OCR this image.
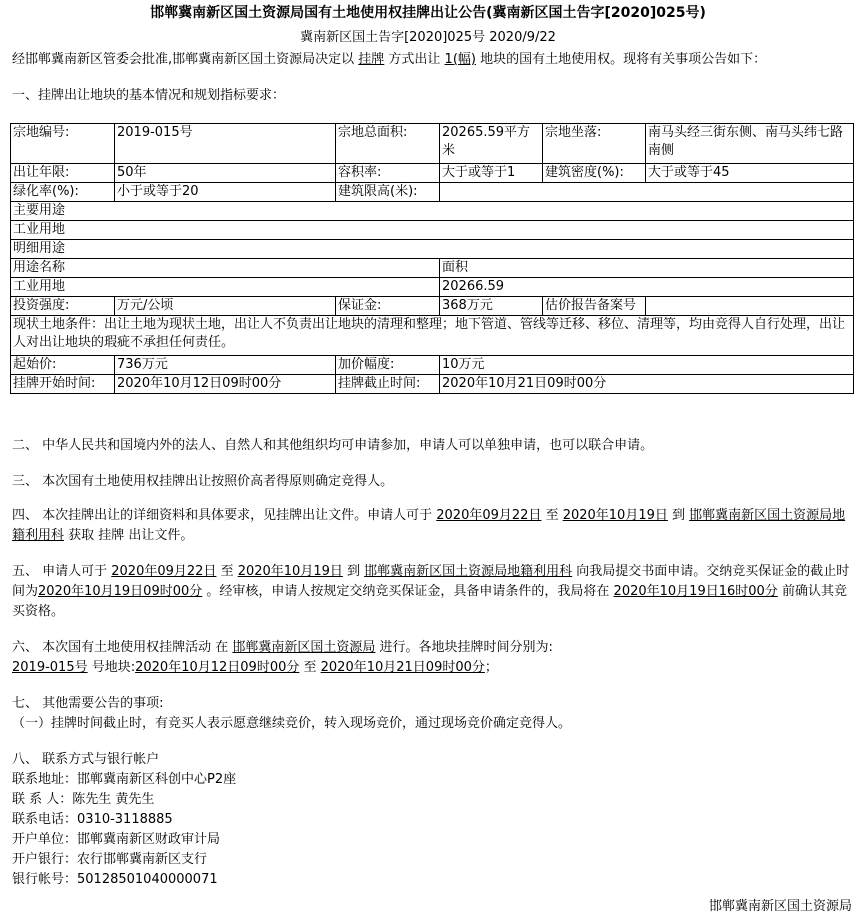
邯郸冀南新区国土资源局国有土地使用权挂牌出让公告(冀南新区国土告字[2020]025号)
冀南新区国土告字[2020]025号 2020/9/22
经邯郸冀南新区管委会批准,邯郸冀南新区国土资源局决定以 挂牌 方式出让 1(幅) 地块的国有土地使用权。现将有关事项公告如下：
一、挂牌出让地块的基本情况和规划指标要求：
宗地编号:	2019-015号	宗地总面积:	20265.59平方米	宗地坐落:	南马头经三街东侧、南马头纬七路南侧
出让年限:	50年	容积率:	大于或等于1	建筑密度(%):	大于或等于45
绿化率(%):	小于或等于20	建筑限高(米):			
主要用途					
工业用地					
明细用途					
用途名称			面积		
工业用地			20266.59		
投资强度:	万元/公顷	保证金:	368万元	估价报告备案号	
现状土地条件：出让土地为现状土地，出让人不负责出让地块的清理和整理；地下管道、管线等迁移、移位、清理等，均由竞得人自行处理，出让人对出让地块的瑕疵不承担任何责任。					
起始价:	736万元	加价幅度:	10万元		
挂牌开始时间:	2020年10月12日09时00分	挂牌截止时间:	2020年10月21日09时00分		
二、 中华人民共和国境内外的法人、自然人和其他组织均可申请参加，申请人可以单独申请，也可以联合申请。
三、 本次国有土地使用权挂牌出让按照价高者得原则确定竞得人。
四、 本次挂牌出让的详细资料和具体要求，见挂牌出让文件。申请人可于 2020年09月22日 至 2020年10月19日 到 邯郸冀南新区国土资源局地籍利用科 获取 挂牌 出让文件。
五、 申请人可于 2020年09月22日 至 2020年10月19日 到 邯郸冀南新区国土资源局地籍利用科 向我局提交书面申请。交纳竞买保证金的截止时间为2020年10月19日09时00分 。经审核，申请人按规定交纳竞买保证金，具备申请条件的，我局将在 2020年10月19日16时00分 前确认其竞买资格。
六、 本次国有土地使用权挂牌活动 在 邯郸冀南新区国土资源局 进行。各地块挂牌时间分别为:
2019-015号 号地块:2020年10月12日09时00分 至 2020年10月21日09时00分；
七、 其他需要公告的事项:
（一）挂牌时间截止时，有竞买人表示愿意继续竞价，转入现场竞价，通过现场竞价确定竞得人。
八、 联系方式与银行帐户
联系地址：邯郸冀南新区科创中心P2座
联 系 人：陈先生 黄先生
联系电话：0310-3118885
开户单位：邯郸冀南新区财政审计局
开户银行：农行邯郸冀南新区支行
银行帐号：50128501040000071
邯郸冀南新区国土资源局
